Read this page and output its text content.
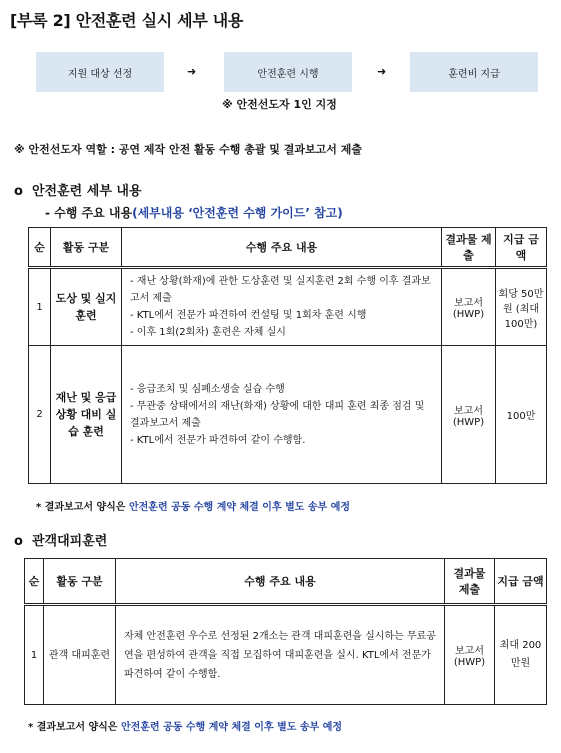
[부록 2] 안전훈련 실시 세부 내용
지원 대상 선정	➜	안전훈련 시행	➜	훈련비 지급
※ 안전선도자 1인 지정
※ 안전선도자 역할 : 공연 제작 안전 활동 수행 총괄 및 결과보고서 제출
o 안전훈련 세부 내용
- 수행 주요 내용(세부내용 ‘안전훈련 수행 가이드’ 참고)
순	활동 구분	수행 주요 내용	결과물 제출	지급 금액
1	도상 및 실지훈련	- 재난 상황(화재)에 관한 도상훈련 및 실지훈련 2회 수행 이후 결과보고서 제출
- KTL에서 전문가 파견하여 컨설팅 및 1회차 훈련 시행
- 이후 1회(2회차) 훈련은 자체 실시	보고서 (HWP)	회당 50만원 (최대 100만)
2	재난 및 응급상황 대비 실습 훈련	- 응급조치 및 심폐소생술 실습 수행
- 무관중 상태에서의 재난(화재) 상황에 대한 대피 훈련 최종 점검 및 결과보고서 제출
- KTL에서 전문가 파견하여 같이 수행함.	보고서 (HWP)	100만
* 결과보고서 양식은 안전훈련 공동 수행 계약 체결 이후 별도 송부 예정
o 관객대피훈련
순	활동 구분	수행 주요 내용	결과물 제출	지급 금액
1	관객 대피훈련	자체 안전훈련 우수로 선정된 2개소는 관객 대피훈련을 실시하는 무료공연을 편성하여 관객을 직접 모집하여 대피훈련을 실시. KTL에서 전문가 파견하여 같이 수행함.	보고서 (HWP)	최대 200만원
* 결과보고서 양식은 안전훈련 공동 수행 계약 체결 이후 별도 송부 예정
